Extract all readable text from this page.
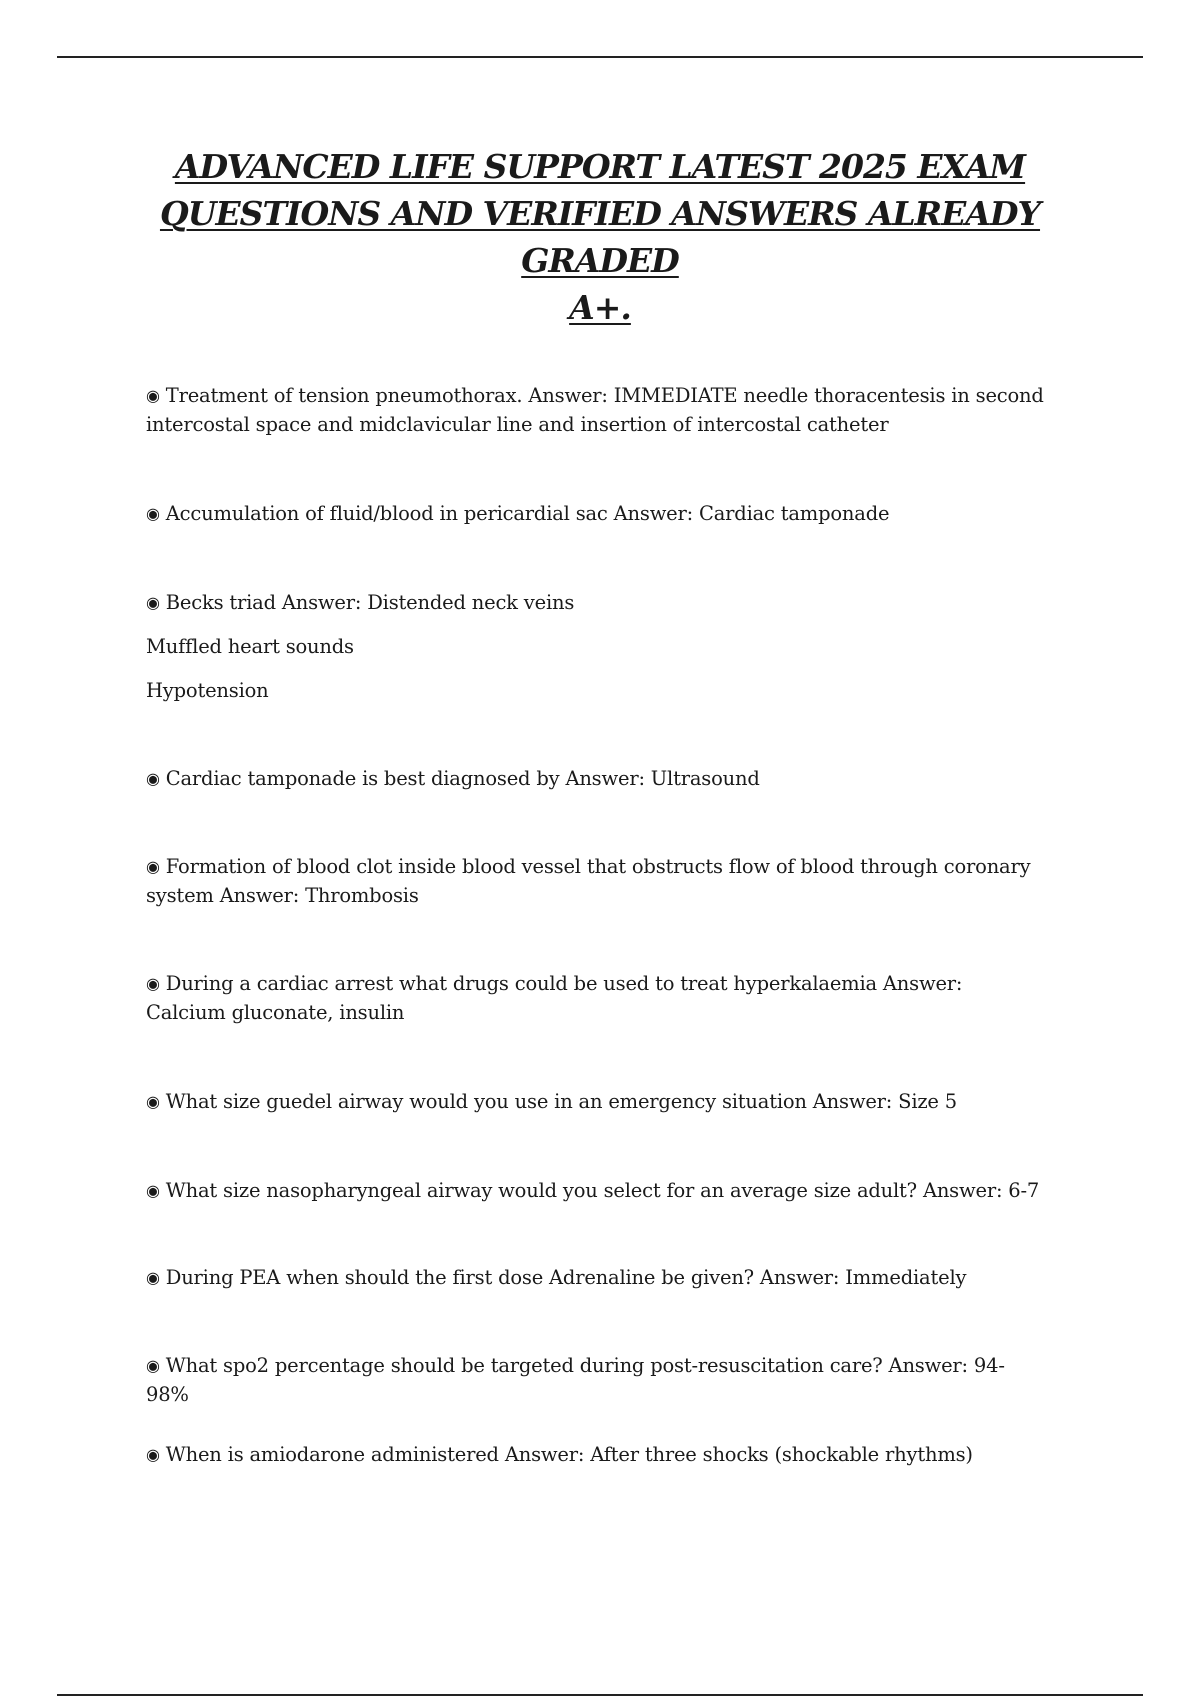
ADVANCED LIFE SUPPORT LATEST 2025 EXAM
QUESTIONS AND VERIFIED ANSWERS ALREADY GRADED
A+.
◉ Treatment of tension pneumothorax. Answer: IMMEDIATE needle thoracentesis in second intercostal space and midclavicular line and insertion of intercostal catheter
◉ Accumulation of fluid/blood in pericardial sac Answer: Cardiac tamponade
◉ Becks triad Answer: Distended neck veins
Muffled heart sounds
Hypotension
◉ Cardiac tamponade is best diagnosed by Answer: Ultrasound
◉ Formation of blood clot inside blood vessel that obstructs flow of blood through coronary system Answer: Thrombosis
◉ During a cardiac arrest what drugs could be used to treat hyperkalaemia Answer: Calcium gluconate, insulin
◉ What size guedel airway would you use in an emergency situation Answer: Size 5
◉ What size nasopharyngeal airway would you select for an average size adult? Answer: 6-7
◉ During PEA when should the first dose Adrenaline be given? Answer: Immediately
◉ What spo2 percentage should be targeted during post-resuscitation care? Answer: 94-98%
◉ When is amiodarone administered Answer: After three shocks (shockable rhythms)
